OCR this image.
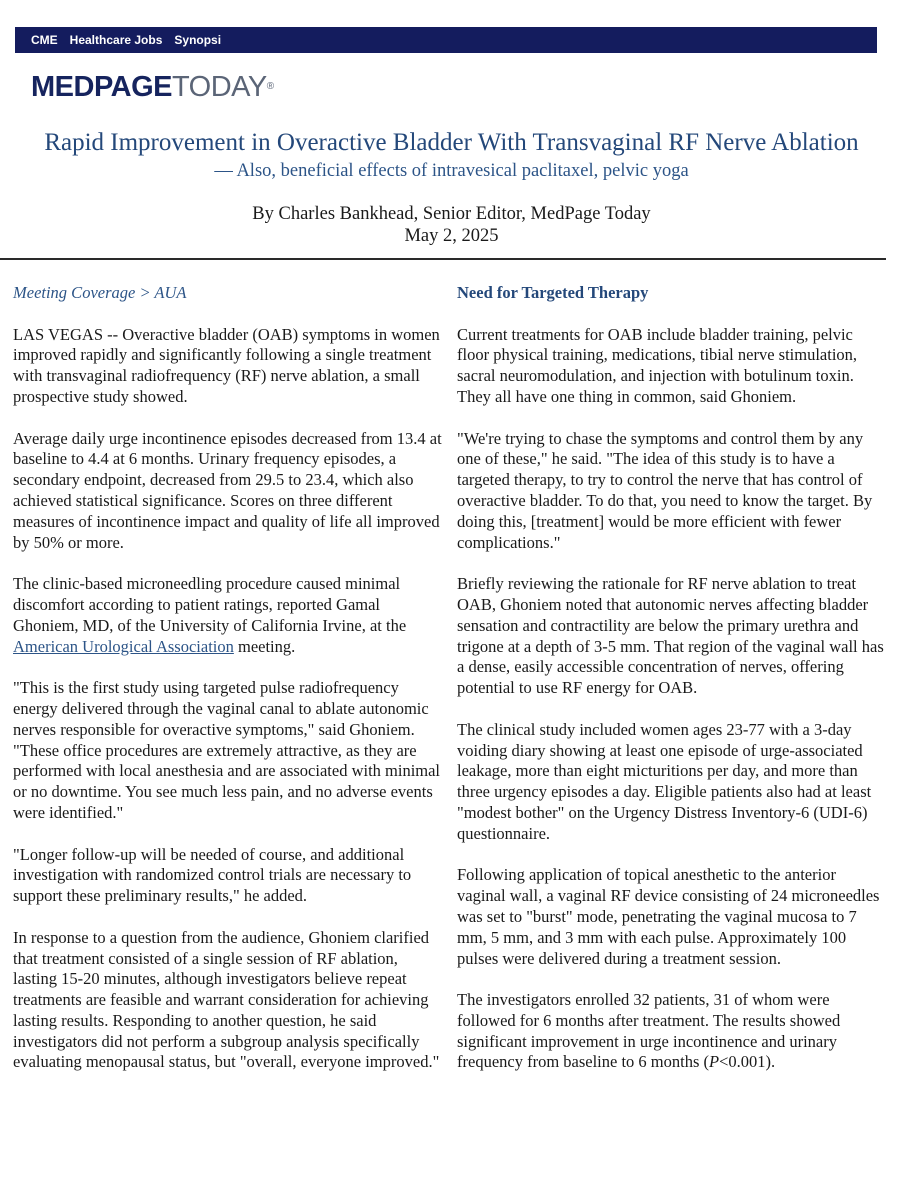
CME Healthcare Jobs Synopsi
MEDPAGETODAY®
Rapid Improvement in Overactive Bladder With Transvaginal RF Nerve Ablation
— Also, beneficial effects of intravesical paclitaxel, pelvic yoga
By Charles Bankhead, Senior Editor, MedPage Today
May 2, 2025

Meeting Coverage > AUA

LAS VEGAS -- Overactive bladder (OAB) symptoms in women improved rapidly and significantly following a single treatment with transvaginal radiofrequency (RF) nerve ablation, a small prospective study showed.

Average daily urge incontinence episodes decreased from 13.4 at baseline to 4.4 at 6 months. Urinary frequency episodes, a secondary endpoint, decreased from 29.5 to 23.4, which also achieved statistical significance. Scores on three different measures of incontinence impact and quality of life all improved by 50% or more.

The clinic-based microneedling procedure caused minimal discomfort according to patient ratings, reported Gamal Ghoniem, MD, of the University of California Irvine, at the American Urological Association meeting.

"This is the first study using targeted pulse radiofrequency energy delivered through the vaginal canal to ablate autonomic nerves responsible for overactive symptoms," said Ghoniem. "These office procedures are extremely attractive, as they are performed with local anesthesia and are associated with minimal or no downtime. You see much less pain, and no adverse events were identified."

"Longer follow-up will be needed of course, and additional investigation with randomized control trials are necessary to support these preliminary results," he added.

In response to a question from the audience, Ghoniem clarified that treatment consisted of a single session of RF ablation, lasting 15-20 minutes, although investigators believe repeat treatments are feasible and warrant consideration for achieving lasting results. Responding to another question, he said investigators did not perform a subgroup analysis specifically evaluating menopausal status, but "overall, everyone improved."

Need for Targeted Therapy

Current treatments for OAB include bladder training, pelvic floor physical training, medications, tibial nerve stimulation, sacral neuromodulation, and injection with botulinum toxin. They all have one thing in common, said Ghoniem.

"We're trying to chase the symptoms and control them by any one of these," he said. "The idea of this study is to have a targeted therapy, to try to control the nerve that has control of overactive bladder. To do that, you need to know the target. By doing this, [treatment] would be more efficient with fewer complications."

Briefly reviewing the rationale for RF nerve ablation to treat OAB, Ghoniem noted that autonomic nerves affecting bladder sensation and contractility are below the primary urethra and trigone at a depth of 3-5 mm. That region of the vaginal wall has a dense, easily accessible concentration of nerves, offering potential to use RF energy for OAB.

The clinical study included women ages 23-77 with a 3-day voiding diary showing at least one episode of urge-associated leakage, more than eight micturitions per day, and more than three urgency episodes a day. Eligible patients also had at least "modest bother" on the Urgency Distress Inventory-6 (UDI-6) questionnaire.

Following application of topical anesthetic to the anterior vaginal wall, a vaginal RF device consisting of 24 microneedles was set to "burst" mode, penetrating the vaginal mucosa to 7 mm, 5 mm, and 3 mm with each pulse. Approximately 100 pulses were delivered during a treatment session.

The investigators enrolled 32 patients, 31 of whom were followed for 6 months after treatment. The results showed significant improvement in urge incontinence and urinary frequency from baseline to 6 months (P<0.001).
